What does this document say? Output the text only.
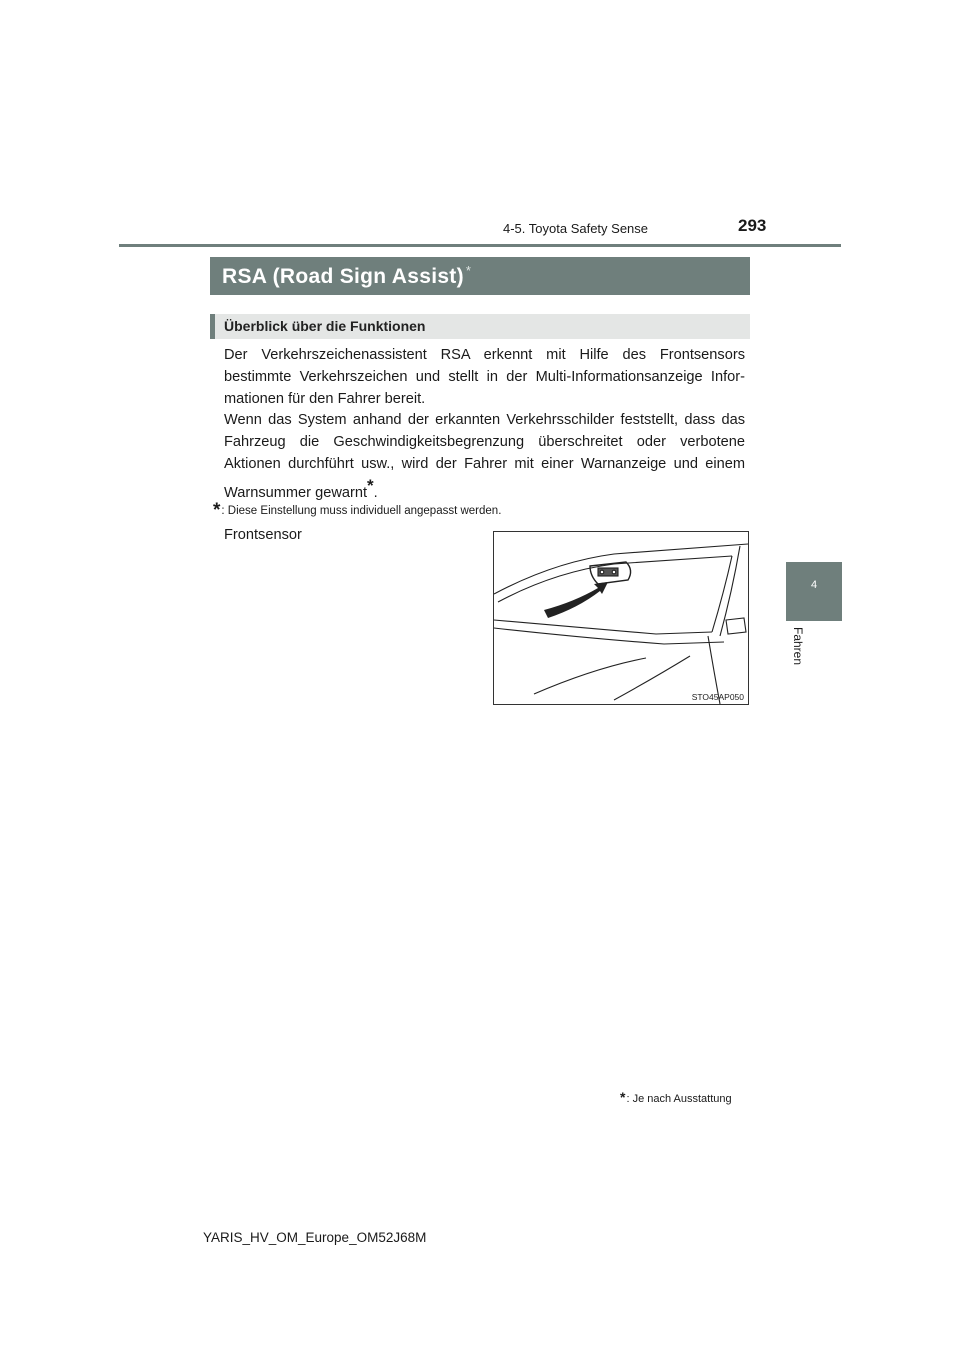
4-5. Toyota Safety Sense	293
4
Fahren
RSA (Road Sign Assist) *
Überblick über die Funktionen
Der Verkehrszeichenassistent RSA erkennt mit Hilfe des Frontsensors bestimmte Verkehrszeichen und stellt in der Multi-Informationsanzeige Infor-mationen für den Fahrer bereit.
Wenn das System anhand der erkannten Verkehrsschilder feststellt, dass das Fahrzeug die Geschwindigkeitsbegrenzung überschreitet oder verbotene Aktionen durchführt usw., wird der Fahrer mit einer Warnanzeige und einem Warnsummer gewarnt*.
*: Diese Einstellung muss individuell angepasst werden.
Frontsensor
STO45AP050
*: Je nach Ausstattung
YARIS_HV_OM_Europe_OM52J68M
